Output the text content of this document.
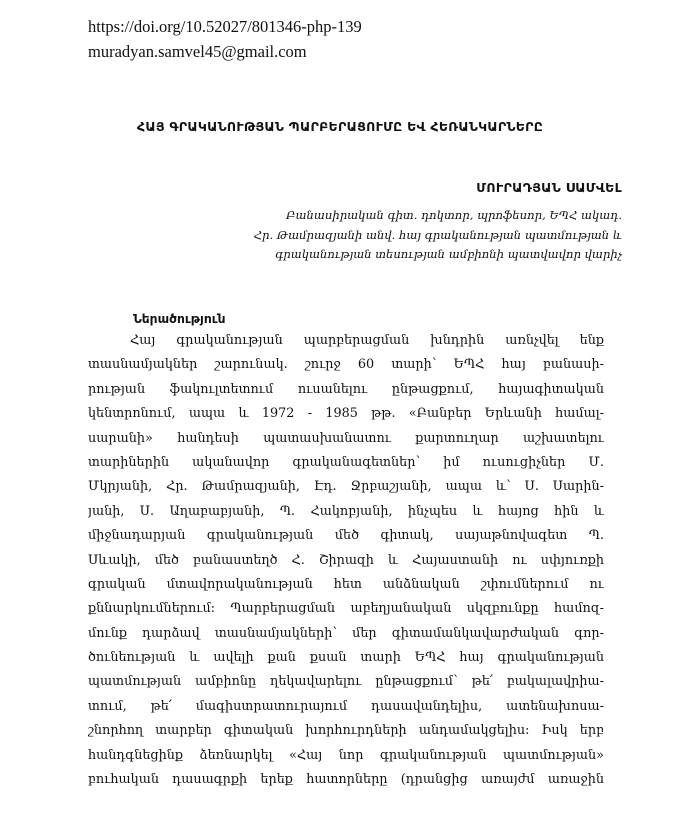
https://doi.org/10.52027/801346-php-139
muradyan.samvel45@gmail.com
ՀԱՅ ԳՐԱԿԱՆՈՒԹՅԱՆ ՊԱՐԲԵՐԱՑՈՒՄԸ ԵՎ ՀԵՌԱՆԿԱՐՆԵՐԸ
ՄՈՒՐԱԴՅԱՆ ՍԱՄՎԵԼ
Բանասիրական գիտ. դոկտոր, պրոֆեսոր, ԵՊՀ ակադ.
Հր. Թամրազյանի անվ. հայ գրականության պատմության և
գրականության տեսության ամբիոնի պատվավոր վարիչ
Ներածություն
Հայ գրականության պարբերացման խնդրին առնչվել ենք
տասնամյակներ շարունակ. շուրջ 60 տարի՝ ԵՊՀ հայ բանասի-
րության ֆակուլտետում ուսանելու ընթացքում, հայագիտական
կենտրոնում, ապա և 1972 - 1985 թթ. «Բանբեր Երևանի համալ-
սարանի» հանդեսի պատասխանատու քարտուղար աշխատելու
տարիներին ականավոր գրականագետներ՝ իմ ուսուցիչներ Մ.
Մկրյանի, Հր. Թամրազյանի, Էդ. Ջրբաշյանի, ապա և՝ Ս. Սարին-
յանի, Ս. Աղաբաբյանի, Պ. Հակոբյանի, ինչպես և հայոց հին և
միջնադարյան գրականության մեծ գիտակ, սայաթնովագետ Պ.
Սևակի, մեծ բանաստեղծ Հ. Շիրազի և Հայաստանի ու սփյուռքի
գրական մտավորականության հետ անձնական շփումներում ու
քննարկումներում: Պարբերացման աբեղյանական սկզբունքը համոզ-
մունք դարձավ տասնամյակների՝ մեր գիտամանկավարժական գոր-
ծունեության և ավելի քան քսան տարի ԵՊՀ հայ գրականության
պատմության ամբիոնը ղեկավարելու ընթացքում՝ թե՛ բակալավրիա-
տում, թե՛ մագիստրատուրայում դասավանդելիս, ատենախոսա-
շնորհող տարբեր գիտական խորհուրդների անդամակցելիս: Իսկ երբ
հանդգնեցինք ձեռնարկել «Հայ նոր գրականության պատմության»
բուհական դասագրքի երեք հատորները (դրանցից առայժմ առաջին
